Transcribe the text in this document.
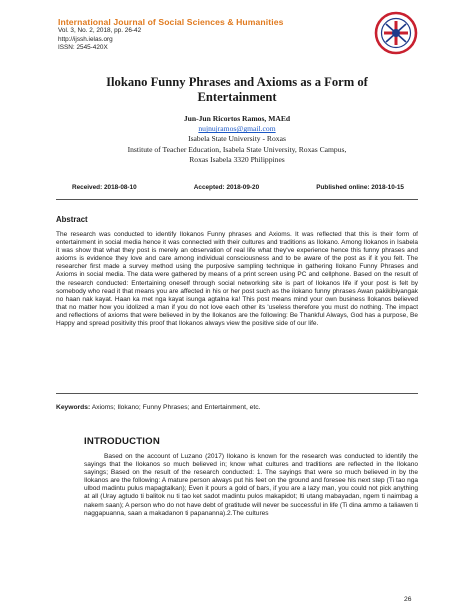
International Journal of Social Sciences & Humanities
Vol. 3, No. 2, 2018, pp. 26-42
http://ijssh.ielas.org
ISSN: 2545-420X
Ilokano Funny Phrases and Axioms as a Form of
Entertainment
Jun-Jun Ricortos Ramos, MAEd
nujnujramos@gmail.com
Isabela State University - Roxas
Institute of Teacher Education, Isabela State University, Roxas Campus,
Roxas Isabela 3320 Philippines
Received: 2018-08-10	Accepted: 2018-09-20	Published online: 2018-10-15
Abstract
The research was conducted to identify Ilokanos Funny phrases and Axioms. It was reflected that this is their form of entertainment in social media hence it was connected with their cultures and traditions as Ilokano. Among Ilokanos in Isabela it was show that what they post is merely an observation of real life what they've experience hence this funny phrases and axioms is evidence they love and care among individual consciousness and to be aware of the post as if it you felt. The researcher first made a survey method using the purposive sampling technique in gathering Ilokano Funny Phrases and Axioms in social media. The data were gathered by means of a print screen using PC and cellphone. Based on the result of the research conducted: Entertaining oneself through social networking site is part of Ilokanos life if your post is felt by somebody who read it that means you are affected in his or her post such as the ilokano funny phrases Awan pakikibiyangak no haan nak kayat. Haan ka met nga kayat isunga agtalna ka! This post means mind your own business Ilokanos believed that no matter how you idolized a man if you do not love each other its 'useless therefore you must do nothing. The impact and reflections of axioms that were believed in by the Ilokanos are the following: Be Thankful Always, God has a purpose, Be Happy and spread positivity this proof that Ilokanos always view the positive side of our life.
Keywords: Axioms; Ilokano; Funny Phrases; and Entertainment, etc.
INTRODUCTION
Based on the account of Luzano (2017) Ilokano is known for the research was conducted to identify the sayings that the Ilokanos so much believed in; know what cultures and traditions are reflected in the Ilokano sayings; Based on the result of the research conducted: 1. The sayings that were so much believed in by the Ilokanos are the following: A mature person always put his feet on the ground and foresee his next step (Ti tao nga ulbod madintu pulus mapagtalkan); Even it pours a gold of bars, if you are a lazy man, you could not pick anything at all (Uray agtudo ti balitok nu ti tao ket sadot madintu pulos makapidot; Iti utang mabayadan, ngem ti naimbag a nakem saan); A person who do not have debt of gratitude will never be successful in life (Ti dina ammo a taliawen ti naggapuanna, saan a makadanon ti papananna).2.The cultures
26
